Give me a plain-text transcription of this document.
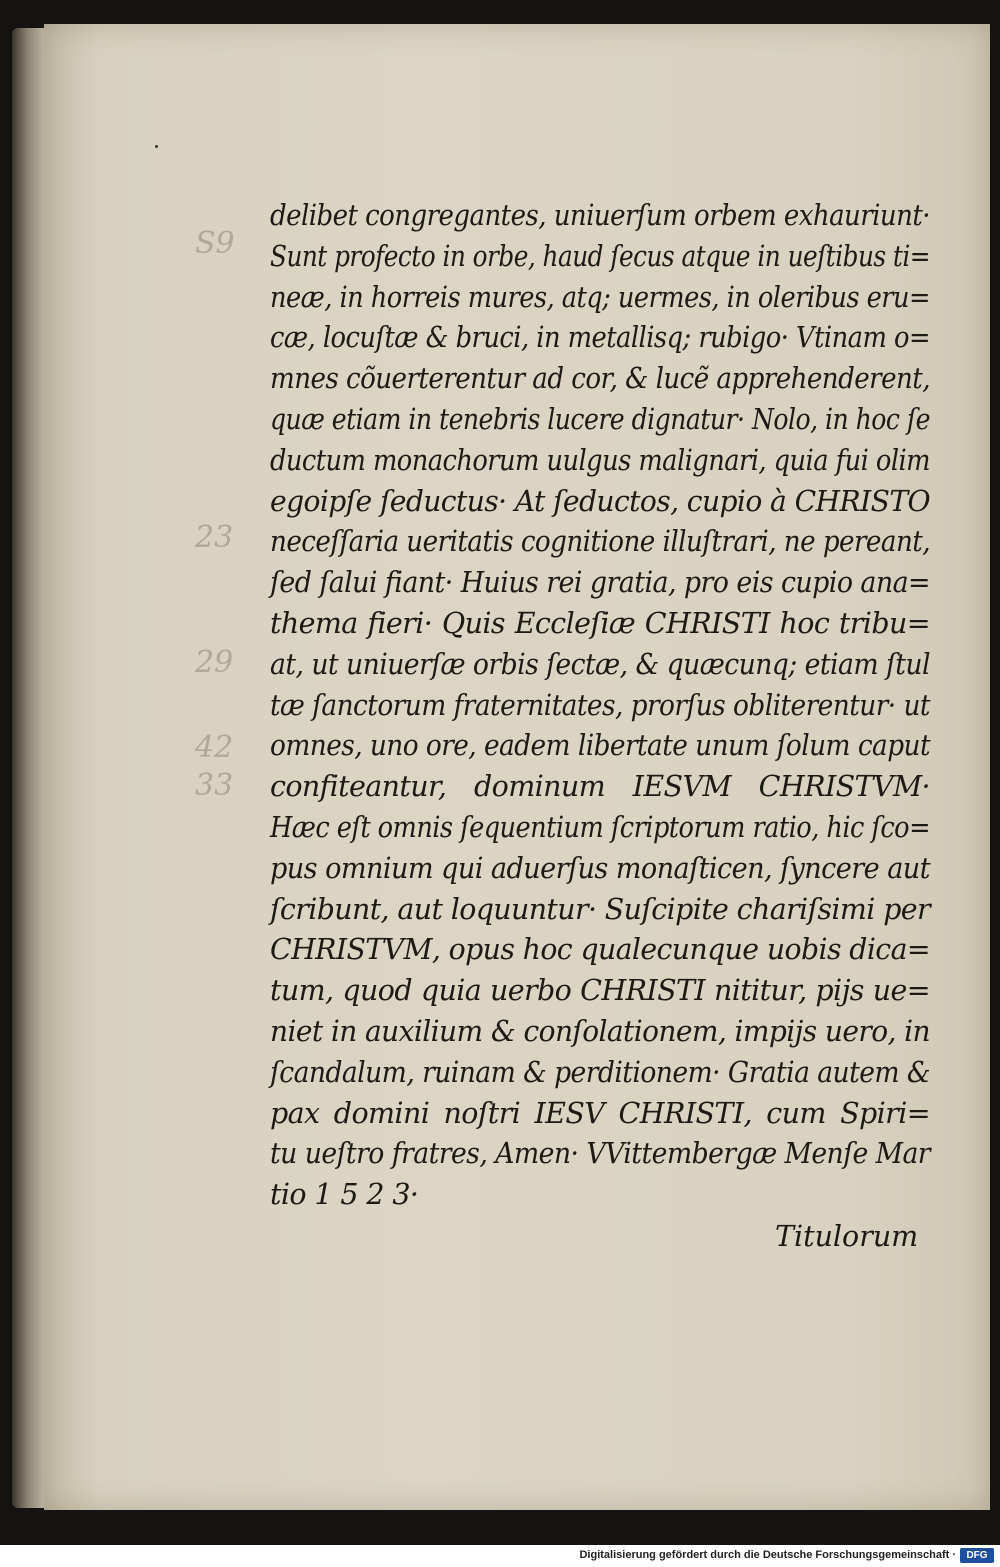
S9
23
29
42
33
delibet congregantes, uniuerſum orbem exhauriunt·
Sunt profecto in orbe, haud ſecus atque in ueſtibus ti=
neæ, in horreis mures, atq; uermes, in oleribus eru=
cæ, locuſtæ & bruci, in metallisq; rubigo· Vtinam o=
mnes cõuerterentur ad cor, & lucẽ apprehenderent,
quæ etiam in tenebris lucere dignatur· Nolo, in hoc ſe
ductum monachorum uulgus malignari, quia fui olim
egoipſe ſeductus· At ſeductos, cupio à CHRISTO
neceſſaria ueritatis cognitione illuſtrari, ne pereant,
ſed ſalui fiant· Huius rei gratia, pro eis cupio ana=
thema fieri· Quis Eccleſiæ CHRISTI hoc tribu=
at, ut uniuerſæ orbis ſectæ, & quæcunq; etiam ſtul
tæ ſanctorum fraternitates, prorſus obliterentur· ut
omnes, uno ore, eadem libertate unum ſolum caput
confiteantur, dominum IESVM CHRISTVM·
Hæc eſt omnis ſequentium ſcriptorum ratio, hic ſco=
pus omnium qui aduerſus monaſticen, ſyncere aut
ſcribunt, aut loquuntur· Suſcipite chariſsimi per
CHRISTVM, opus hoc qualecunque uobis dica=
tum, quod quia uerbo CHRISTI nititur, pijs ue=
niet in auxilium & conſolationem, impijs uero, in
ſcandalum, ruinam & perditionem· Gratia autem &
pax domini noſtri IESV CHRISTI, cum Spiri=
tu ueſtro fratres, Amen· VVittembergæ Menſe Mar
tio 1 5 2 3·
Titulorum
Digitalisierung gefördert durch die Deutsche Forschungsgemeinschaft ·	DFG
